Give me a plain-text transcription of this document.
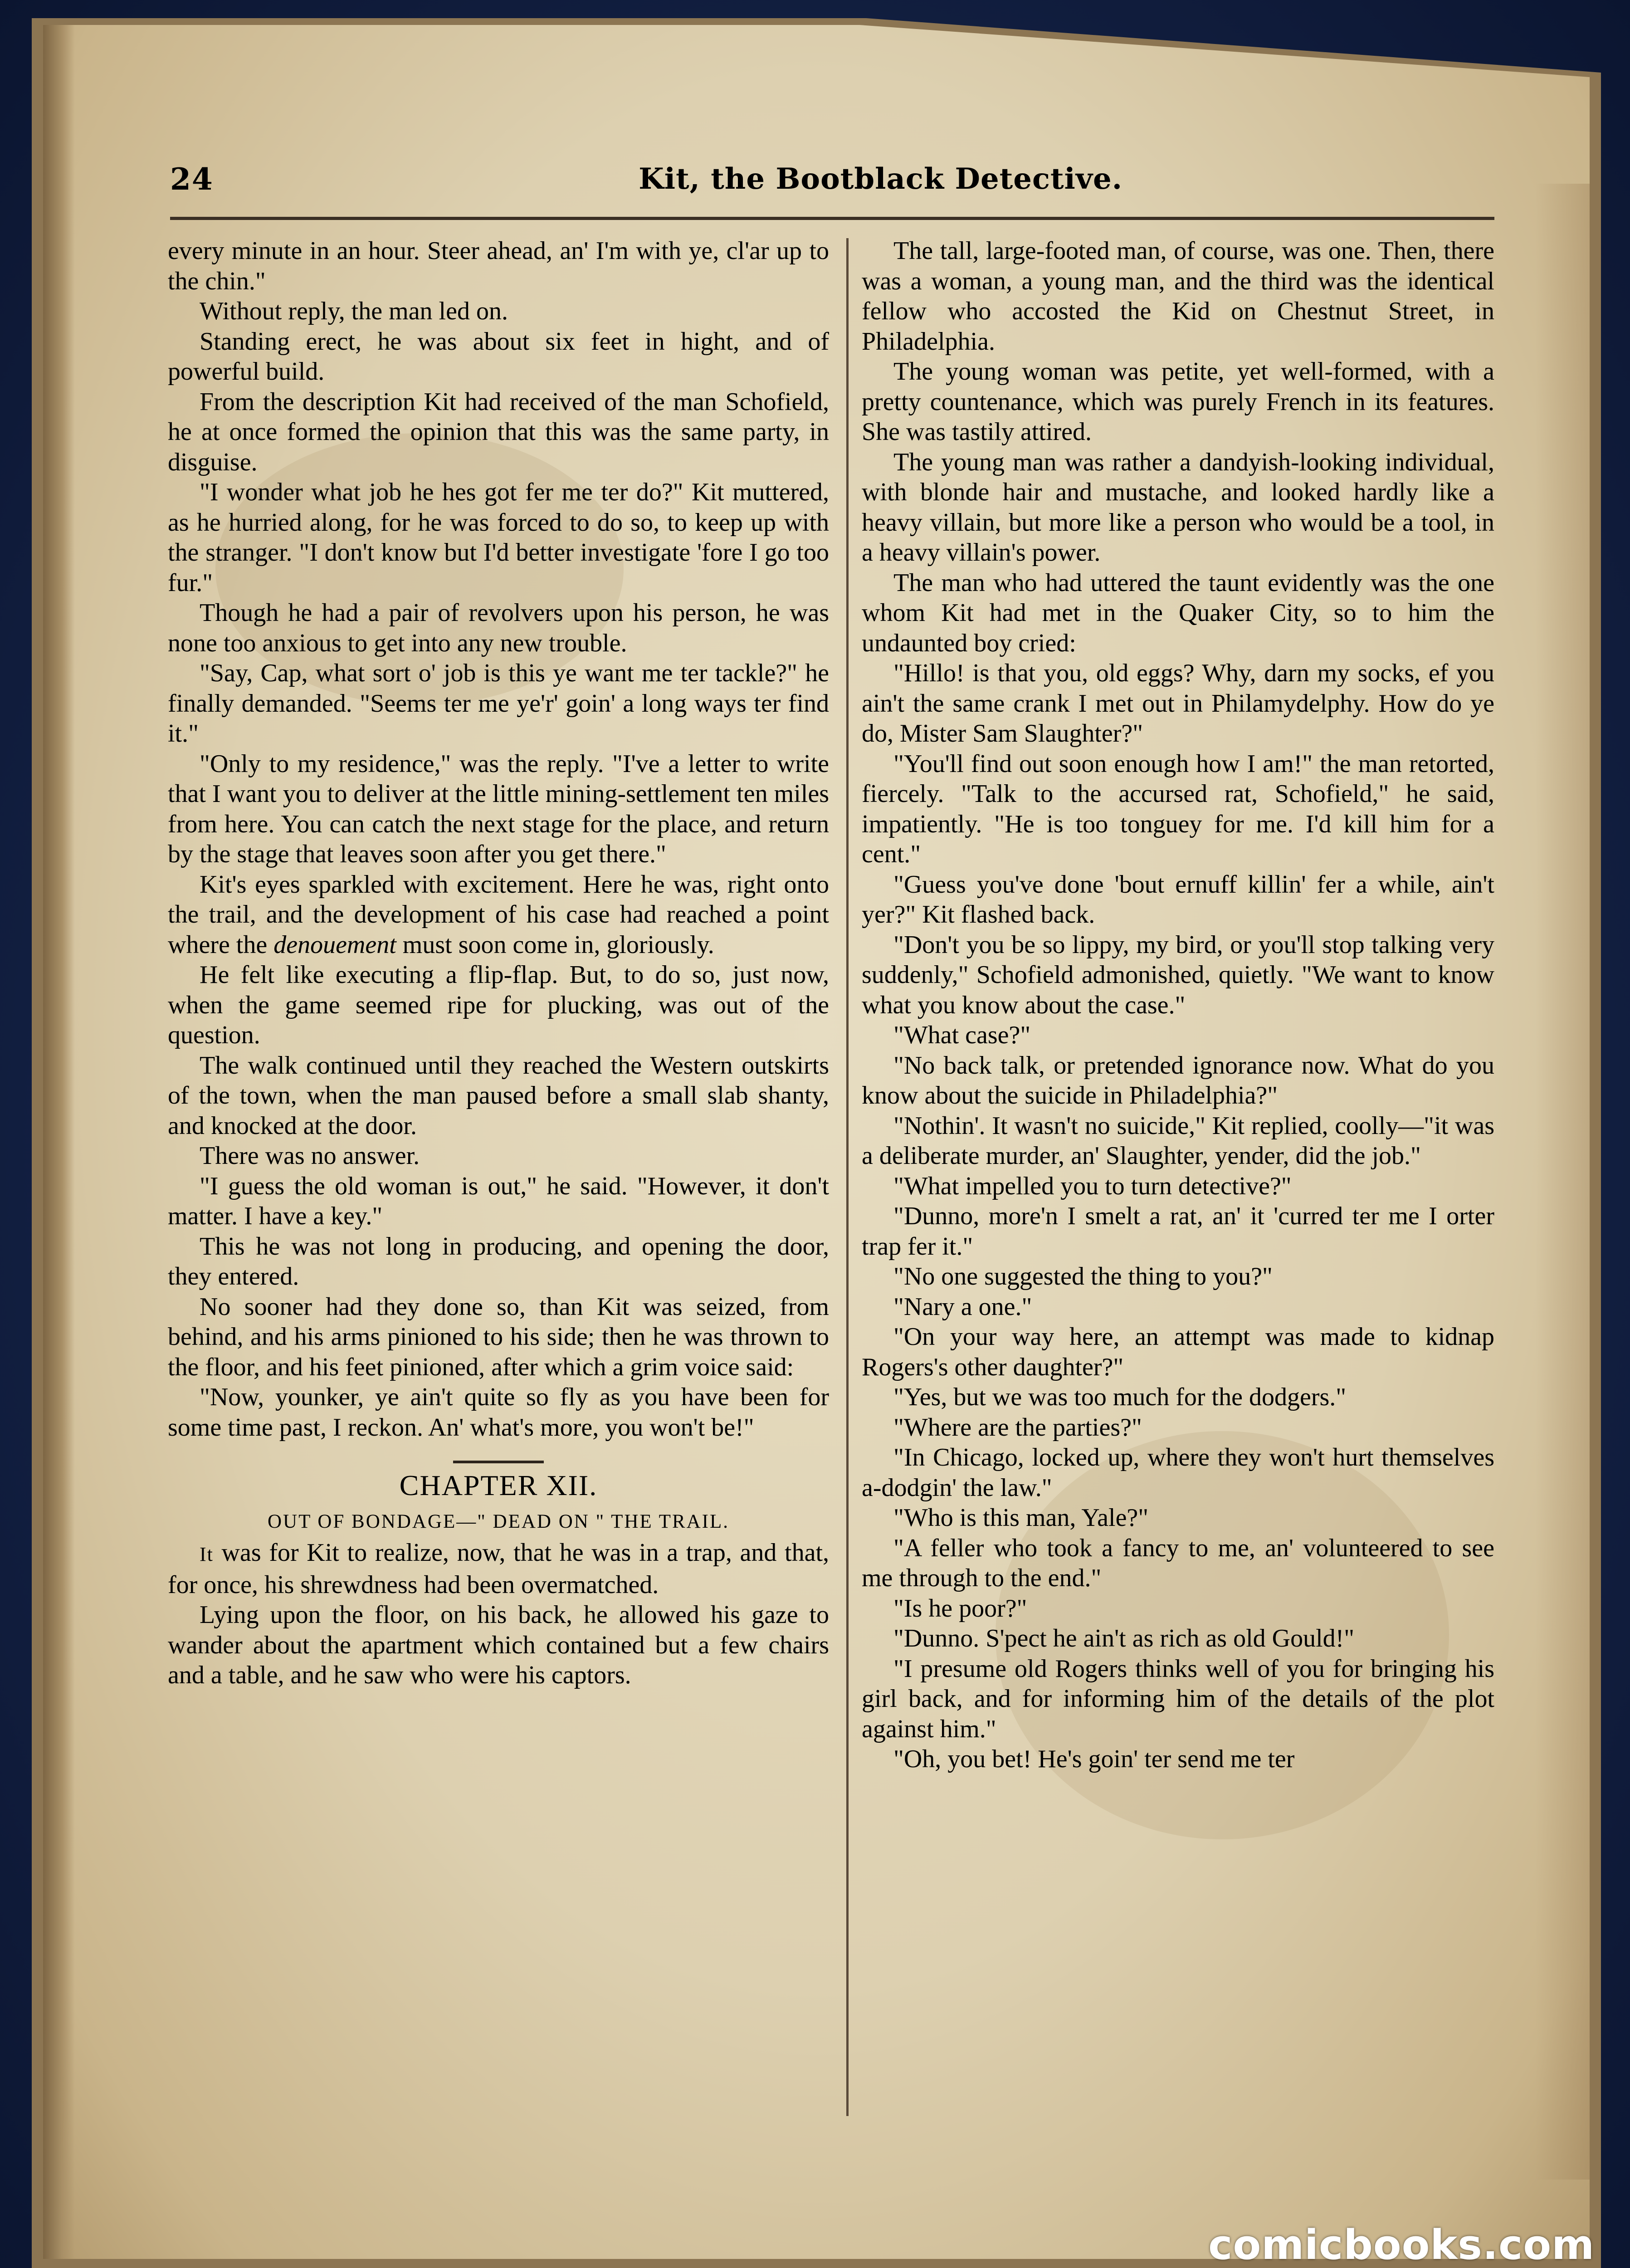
24	Kit, the Bootblack Detective.

every minute in an hour. Steer ahead, an' I'm with ye, cl'ar up to the chin."

Without reply, the man led on.

Standing erect, he was about six feet in hight, and of powerful build.

From the description Kit had received of the man Schofield, he at once formed the opinion that this was the same party, in disguise.

"I wonder what job he hes got fer me ter do?" Kit muttered, as he hurried along, for he was forced to do so, to keep up with the stranger. "I don't know but I'd better investigate 'fore I go too fur."

Though he had a pair of revolvers upon his person, he was none too anxious to get into any new trouble.

"Say, Cap, what sort o' job is this ye want me ter tackle?" he finally demanded. "Seems ter me ye'r' goin' a long ways ter find it."

"Only to my residence," was the reply. "I've a letter to write that I want you to deliver at the little mining-settlement ten miles from here. You can catch the next stage for the place, and return by the stage that leaves soon after you get there."

Kit's eyes sparkled with excitement. Here he was, right onto the trail, and the development of his case had reached a point where the denouement must soon come in, gloriously.

He felt like executing a flip-flap. But, to do so, just now, when the game seemed ripe for plucking, was out of the question.

The walk continued until they reached the Western outskirts of the town, when the man paused before a small slab shanty, and knocked at the door.

There was no answer.

"I guess the old woman is out," he said. "However, it don't matter. I have a key."

This he was not long in producing, and opening the door, they entered.

No sooner had they done so, than Kit was seized, from behind, and his arms pinioned to his side; then he was thrown to the floor, and his feet pinioned, after which a grim voice said:

"Now, younker, ye ain't quite so fly as you have been for some time past, I reckon. An' what's more, you won't be!"

CHAPTER XII.

OUT OF BONDAGE—" DEAD ON " THE TRAIL.

It was for Kit to realize, now, that he was in a trap, and that, for once, his shrewdness had been overmatched.

Lying upon the floor, on his back, he allowed his gaze to wander about the apartment which contained but a few chairs and a table, and he saw who were his captors.

The tall, large-footed man, of course, was one. Then, there was a woman, a young man, and the third was the identical fellow who accosted the Kid on Chestnut Street, in Philadelphia.

The young woman was petite, yet well-formed, with a pretty countenance, which was purely French in its features. She was tastily attired.

The young man was rather a dandyish-looking individual, with blonde hair and mustache, and looked hardly like a heavy villain, but more like a person who would be a tool, in a heavy villain's power.

The man who had uttered the taunt evidently was the one whom Kit had met in the Quaker City, so to him the undaunted boy cried:

"Hillo! is that you, old eggs? Why, darn my socks, ef you ain't the same crank I met out in Philamydelphy. How do ye do, Mister Sam Slaughter?"

"You'll find out soon enough how I am!" the man retorted, fiercely. "Talk to the accursed rat, Schofield," he said, impatiently. "He is too tonguey for me. I'd kill him for a cent."

"Guess you've done 'bout ernuff killin' fer a while, ain't yer?" Kit flashed back.

"Don't you be so lippy, my bird, or you'll stop talking very suddenly," Schofield admonished, quietly. "We want to know what you know about the case."

"What case?"

"No back talk, or pretended ignorance now. What do you know about the suicide in Philadelphia?"

"Nothin'. It wasn't no suicide," Kit replied, coolly—"it was a deliberate murder, an' Slaughter, yender, did the job."

"What impelled you to turn detective?"

"Dunno, more'n I smelt a rat, an' it 'curred ter me I orter trap fer it."

"No one suggested the thing to you?"

"Nary a one."

"On your way here, an attempt was made to kidnap Rogers's other daughter?"

"Yes, but we was too much for the dodgers."

"Where are the parties?"

"In Chicago, locked up, where they won't hurt themselves a-dodgin' the law."

"Who is this man, Yale?"

"A feller who took a fancy to me, an' volunteered to see me through to the end."

"Is he poor?"

"Dunno. S'pect he ain't as rich as old Gould!"

"I presume old Rogers thinks well of you for bringing his girl back, and for informing him of the details of the plot against him."

"Oh, you bet! He's goin' ter send me ter

comicbooks.com
